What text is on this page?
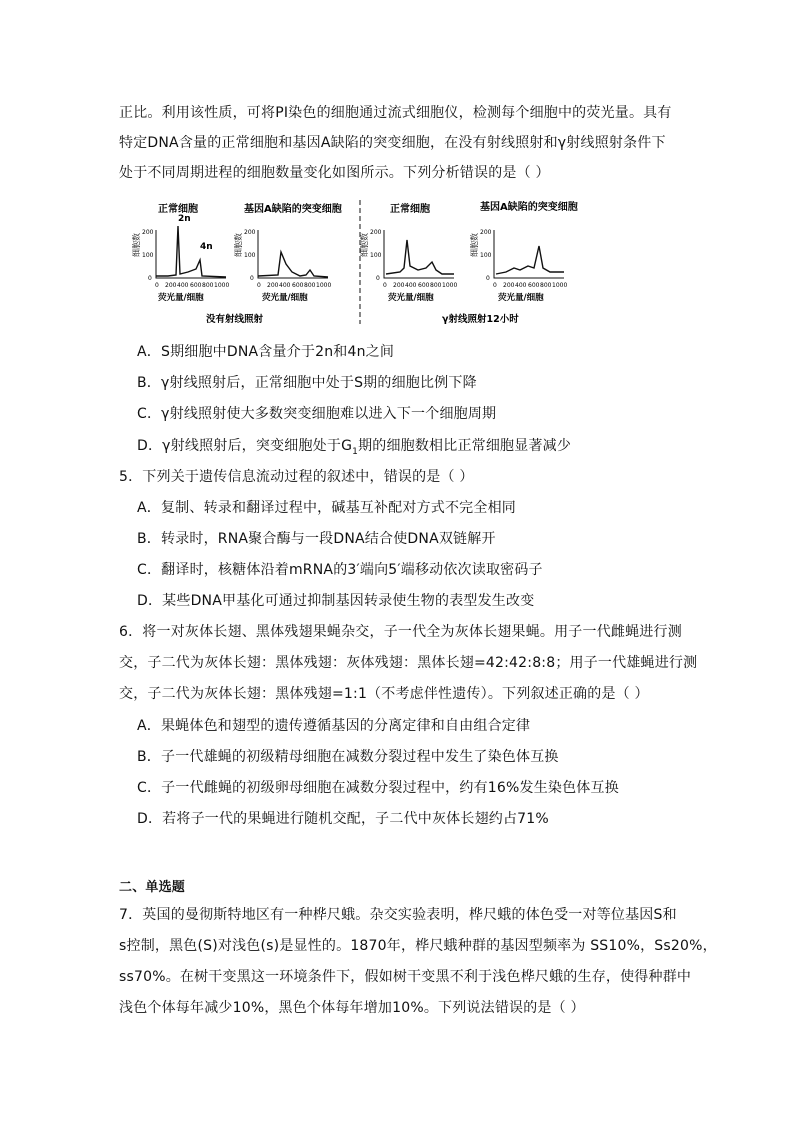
正比。利用该性质，可将PI染色的细胞通过流式细胞仪，检测每个细胞中的荧光量。具有
特定DNA含量的正常细胞和基因A缺陷的突变细胞，在没有射线照射和γ射线照射条件下
处于不同周期进程的细胞数量变化如图所示。下列分析错误的是（ ）
正常细胞
2n
4n
细胞数
200
100
0
0 200 400 600 800 1000
荧光量/细胞
基因A缺陷的突变细胞
细胞数
200
100
0
0 200 400 600 800 1000
荧光量/细胞
正常细胞
细胞数
200
100
0
0 200 400 600 800 1000
荧光量/细胞
基因A缺陷的突变细胞
细胞数
200
100
0
0 200 400 600 800 1000
荧光量/细胞
没有射线照射	γ射线照射12小时
A．S期细胞中DNA含量介于2n和4n之间
B．γ射线照射后，正常细胞中处于S期的细胞比例下降
C．γ射线照射使大多数突变细胞难以进入下一个细胞周期
D．γ射线照射后，突变细胞处于$G_1$期的细胞数相比正常细胞显著减少
5．下列关于遗传信息流动过程的叙述中，错误的是（ ）
A．复制、转录和翻译过程中，碱基互补配对方式不完全相同
B．转录时，RNA聚合酶与一段DNA结合使DNA双链解开
C．翻译时，核糖体沿着mRNA的3′端向5′端移动依次读取密码子
D．某些DNA甲基化可通过抑制基因转录使生物的表型发生改变
6．将一对灰体长翅、黑体残翅果蝇杂交，子一代全为灰体长翅果蝇。用子一代雌蝇进行测
交，子二代为灰体长翅：黑体残翅：灰体残翅：黑体长翅=42:42:8:8；用子一代雄蝇进行测
交，子二代为灰体长翅：黑体残翅=1:1（不考虑伴性遗传）。下列叙述正确的是（ ）
A．果蝇体色和翅型的遗传遵循基因的分离定律和自由组合定律
B．子一代雄蝇的初级精母细胞在减数分裂过程中发生了染色体互换
C．子一代雌蝇的初级卵母细胞在减数分裂过程中，约有16%发生染色体互换
D．若将子一代的果蝇进行随机交配，子二代中灰体长翅约占71%
二、单选题
7．英国的曼彻斯特地区有一种桦尺蛾。杂交实验表明，桦尺蛾的体色受一对等位基因S和
s控制，黑色(S)对浅色(s)是显性的。1870年，桦尺蛾种群的基因型频率为 SS10%，Ss20%，
ss70%。在树干变黑这一环境条件下，假如树干变黑不利于浅色桦尺蛾的生存，使得种群中
浅色个体每年减少10%，黑色个体每年增加10%。下列说法错误的是（ ）
